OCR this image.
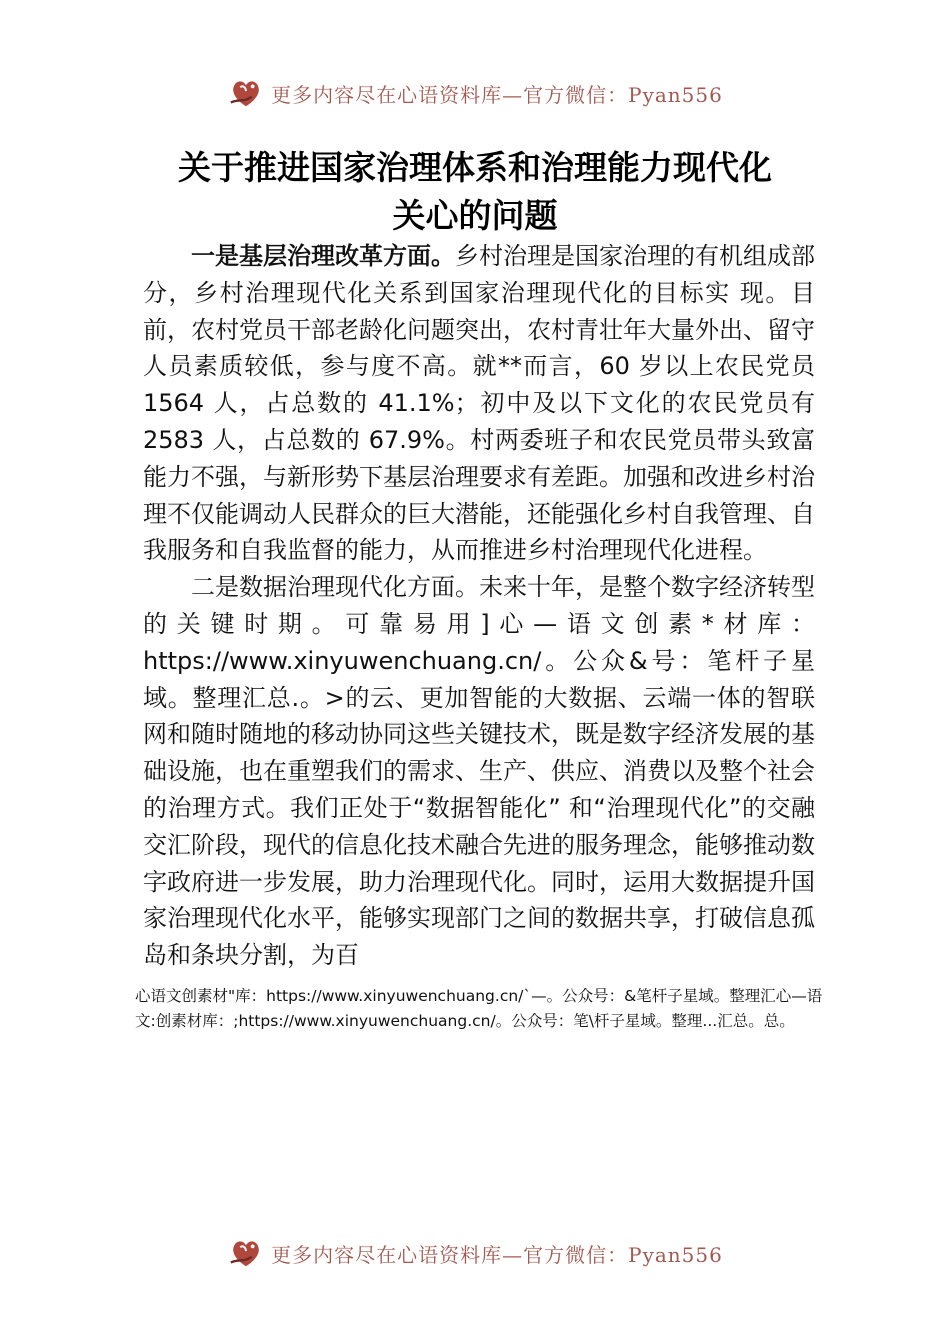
更多内容尽在心语资料库—官方微信：Pyan556
关于推进国家治理体系和治理能力现代化
关心的问题

一是基层治理改革方面。乡村治理是国家治理的有机组成部分，乡村治理现代化关系到国家治理现代化的目标实 现。目前，农村党员干部老龄化问题突出，农村青壮年大量外出、留守人员素质较低，参与度不高。就**而言，60 岁以上农民党员 1564 人，占总数的 41.1%；初中及以下文化的农民党员有 2583 人，占总数的 67.9%。村两委班子和农民党员带头致富能力不强，与新形势下基层治理要求有差距。加强和改进乡村治理不仅能调动人民群众的巨大潜能，还能强化乡村自我管理、自我服务和自我监督的能力，从而推进乡村治理现代化进程。

二是数据治理现代化方面。未来十年，是整个数字经济转型的关键时期。可靠易用]心—语文创素*材库：https://www.xinyuwenchuang.cn/。公众&号：笔杆子星域。整理汇总.。>的云、更加智能的大数据、云端一体的智联网和随时随地的移动协同这些关键技术，既是数字经济发展的基础设施，也在重塑我们的需求、生产、供应、消费以及整个社会的治理方式。我们正处于“数据智能化” 和“治理现代化”的交融交汇阶段，现代的信息化技术融合先进的服务理念，能够推动数字政府进一步发展，助力治理现代化。同时，运用大数据提升国家治理现代化水平，能够实现部门之间的数据共享，打破信息孤岛和条块分割，为百

心语文创素材"库：https://www.xinyuwenchuang.cn/`—。公众号：&笔杆子星域。整理汇心—语文:创素材库：;https://www.xinyuwenchuang.cn/。公众号：笔\杆子星域。整理...汇总。总。
更多内容尽在心语资料库—官方微信：Pyan556
